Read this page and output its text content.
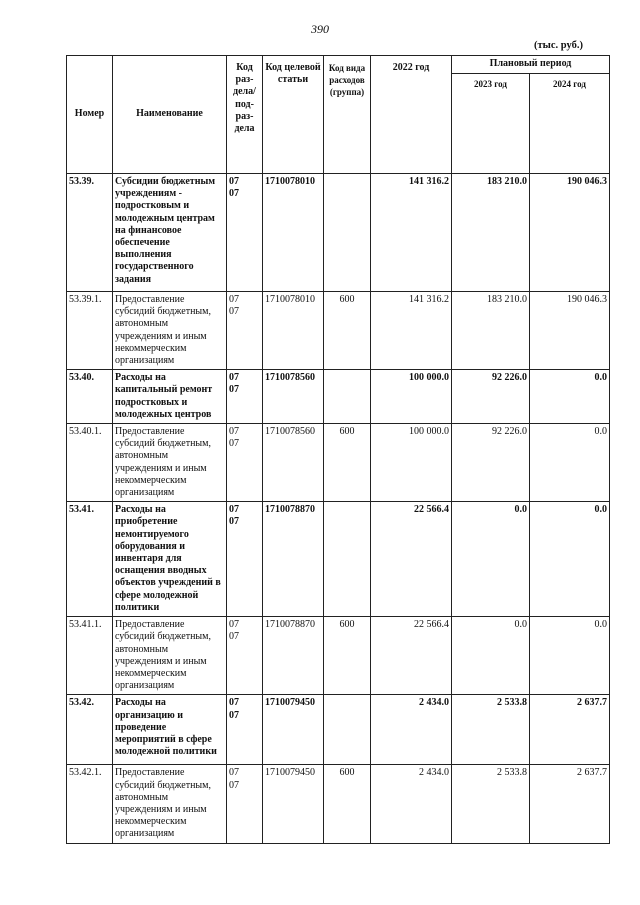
390
(тыс. руб.)
Номер	Наименование	Код раз-дела/ под-раз-дела	Код целевой статьи	Код вида расходов (группа)	2022 год	Плановый период	
						2023 год	2024 год
53.39.	Субсидии бюджетным учреждениям - подростковым и молодежным центрам на финансовое обеспечение выполнения государственного задания	0707	1710078010		141 316.2	183 210.0	190 046.3
53.39.1.	Предоставление субсидий бюджетным, автономным учреждениям и иным некоммерческим организациям	0707	1710078010	600	141 316.2	183 210.0	190 046.3
53.40.	Расходы на капитальный ремонт подростковых и молодежных центров	0707	1710078560		100 000.0	92 226.0	0.0
53.40.1.	Предоставление субсидий бюджетным, автономным учреждениям и иным некоммерческим организациям	0707	1710078560	600	100 000.0	92 226.0	0.0
53.41.	Расходы на приобретение немонтируемого оборудования и инвентаря для оснащения вводных объектов учреждений в сфере молодежной политики	0707	1710078870		22 566.4	0.0	0.0
53.41.1.	Предоставление субсидий бюджетным, автономным учреждениям и иным некоммерческим организациям	0707	1710078870	600	22 566.4	0.0	0.0
53.42.	Расходы на организацию и проведение мероприятий в сфере молодежной политики	0707	1710079450		2 434.0	2 533.8	2 637.7
53.42.1.	Предоставление субсидий бюджетным, автономным учреждениям и иным некоммерческим организациям	0707	1710079450	600	2 434.0	2 533.8	2 637.7
